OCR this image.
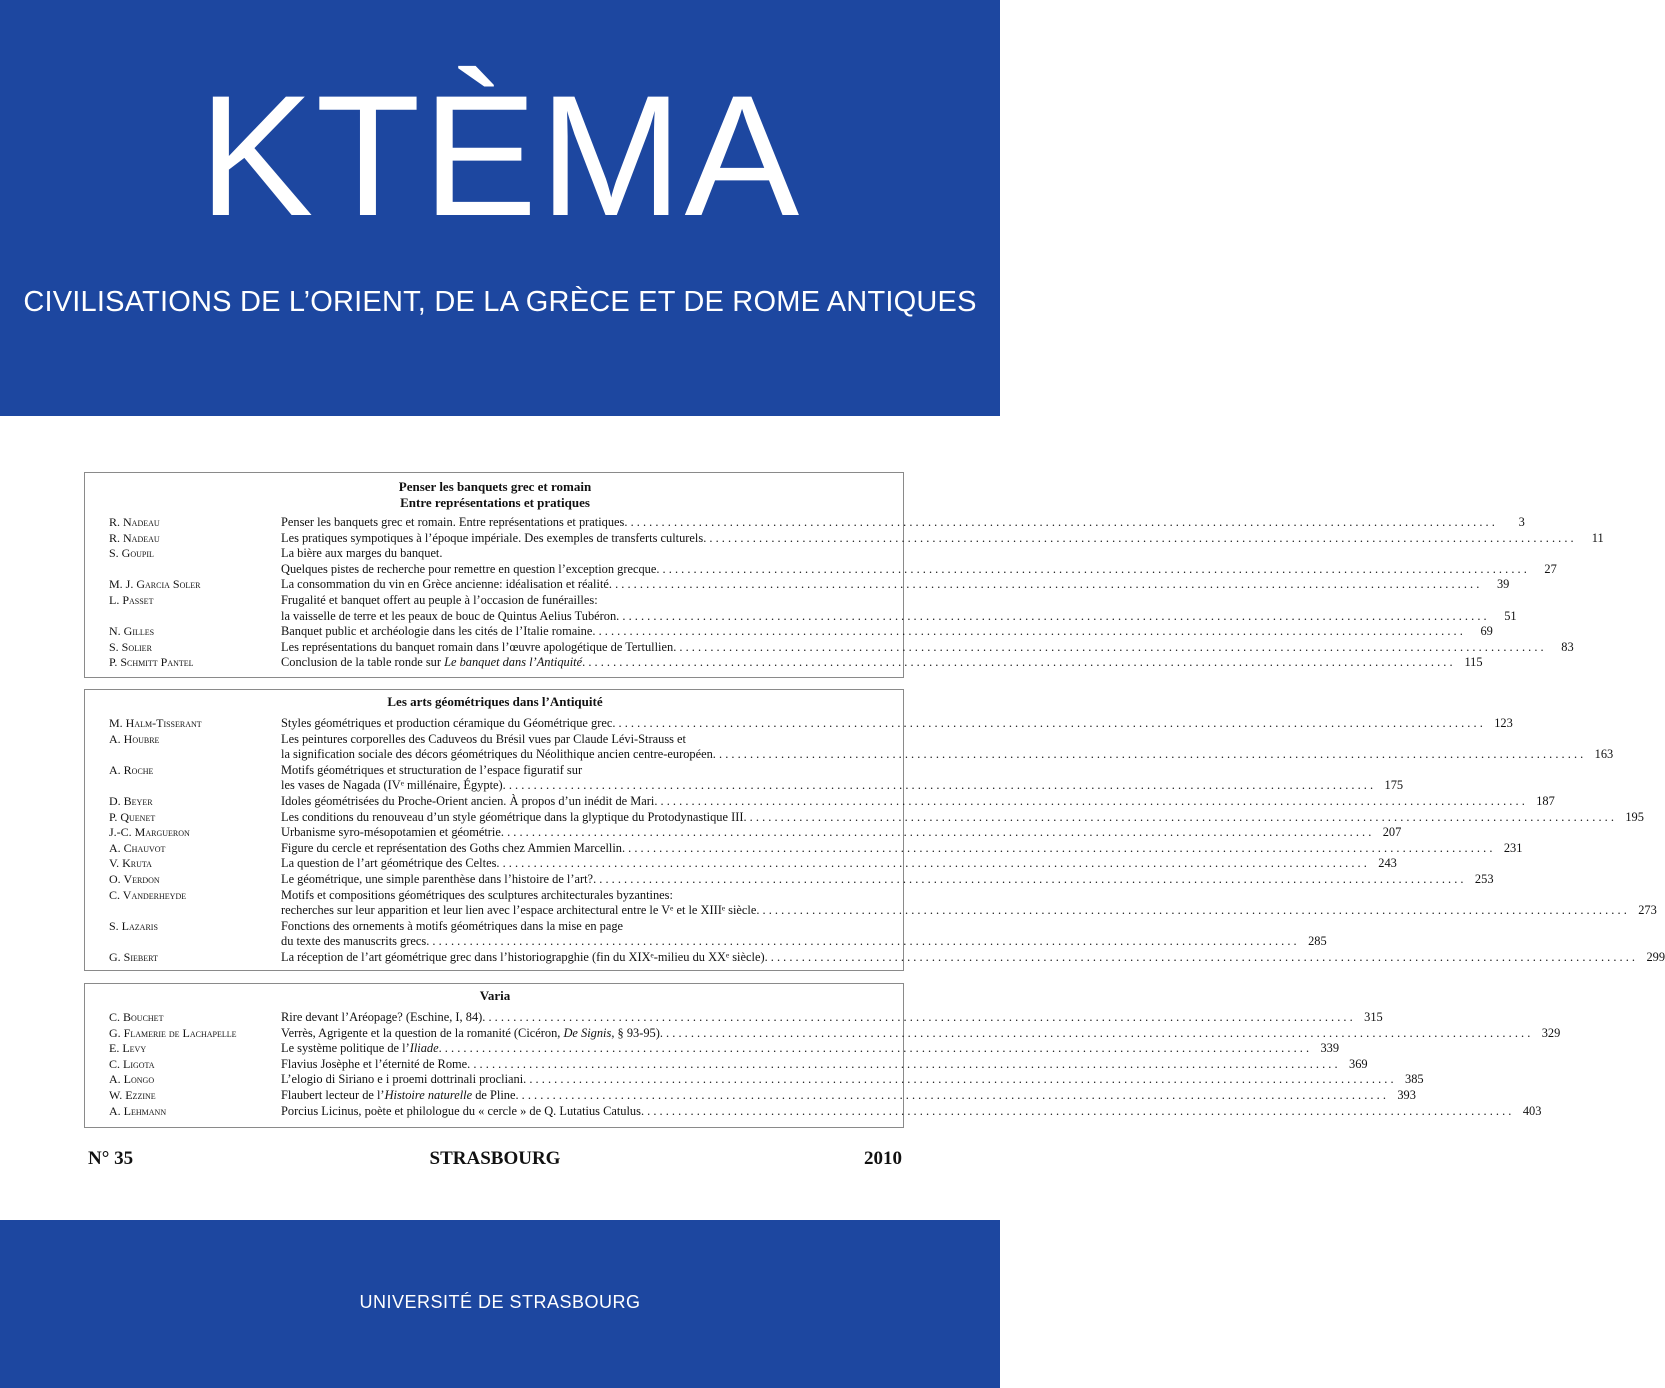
KTÈMA
CIVILISATIONS DE L’ORIENT, DE LA GRÈCE ET DE ROME ANTIQUES
Penser les banquets grec et romain
Entre représentations et pratiques
R. Nadeau	Penser les banquets grec et romain. Entre représentations et pratiques . . .	3
R. Nadeau	Les pratiques sympotiques à l’époque impériale. Des exemples de transferts culturels . . .	11
S. Goupil	La bière aux marges du banquet.
Quelques pistes de recherche pour remettre en question l’exception grecque . . .	27
M. J. Garcia Soler	La consommation du vin en Grèce ancienne: idéalisation et réalité . . .	39
L. Passet	Frugalité et banquet offert au peuple à l’occasion de funérailles:
la vaisselle de terre et les peaux de bouc de Quintus Aelius Tubéron . . .	51
N. Gilles	Banquet public et archéologie dans les cités de l’Italie romaine . . .	69
S. Solier	Les représentations du banquet romain dans l’œuvre apologétique de Tertullien . . .	83
P. Schmitt Pantel	Conclusion de la table ronde sur Le banquet dans l’Antiquité . . .	115
Les arts géométriques dans l’Antiquité
M. Halm-Tisserant	Styles géométriques et production céramique du Géométrique grec . . .	123
A. Houbre	Les peintures corporelles des Caduveos du Brésil vues par Claude Lévi-Strauss et
la signification sociale des décors géométriques du Néolithique ancien centre-européen . . .	163
A. Roche	Motifs géométriques et structuration de l’espace figuratif sur
les vases de Nagada (IVᵉ millénaire, Égypte) . . .	175
D. Beyer	Idoles géométrisées du Proche-Orient ancien. À propos d’un inédit de Mari . . .	187
P. Quenet	Les conditions du renouveau d’un style géométrique dans la glyptique du Protodynastique III . . .	195
J.-C. Margueron	Urbanisme syro-mésopotamien et géométrie . . .	207
A. Chauvot	Figure du cercle et représentation des Goths chez Ammien Marcellin . . .	231
V. Kruta	La question de l’art géométrique des Celtes . . .	243
O. Verdon	Le géométrique, une simple parenthèse dans l’histoire de l’art? . . .	253
C. Vanderheyde	Motifs et compositions géométriques des sculptures architecturales byzantines:
recherches sur leur apparition et leur lien avec l’espace architectural entre le Vᵉ et le XIIIᵉ siècle . . .	273
S. Lazaris	Fonctions des ornements à motifs géométriques dans la mise en page
du texte des manuscrits grecs . . .	285
G. Siebert	La réception de l’art géométrique grec dans l’historiograpghie (fin du XIXᵉ-milieu du XXᵉ siècle) . . .	299
Varia
C. Bouchet	Rire devant l’Aréopage? (Eschine, I, 84) . . .	315
G. Flamerie de Lachapelle	Verrès, Agrigente et la question de la romanité (Cicéron, De Signis, § 93-95) . . .	329
E. Levy	Le système politique de l’Iliade . . .	339
C. Ligota	Flavius Josèphe et l’éternité de Rome . . .	369
A. Longo	L’elogio di Siriano e i proemi dottrinali procliani . . .	385
W. Ezzine	Flaubert lecteur de l’Histoire naturelle de Pline . . .	393
A. Lehmann	Porcius Licinus, poète et philologue du « cercle » de Q. Lutatius Catulus . . .	403
N° 35	STRASBOURG	2010
UNIVERSITÉ DE STRASBOURG
